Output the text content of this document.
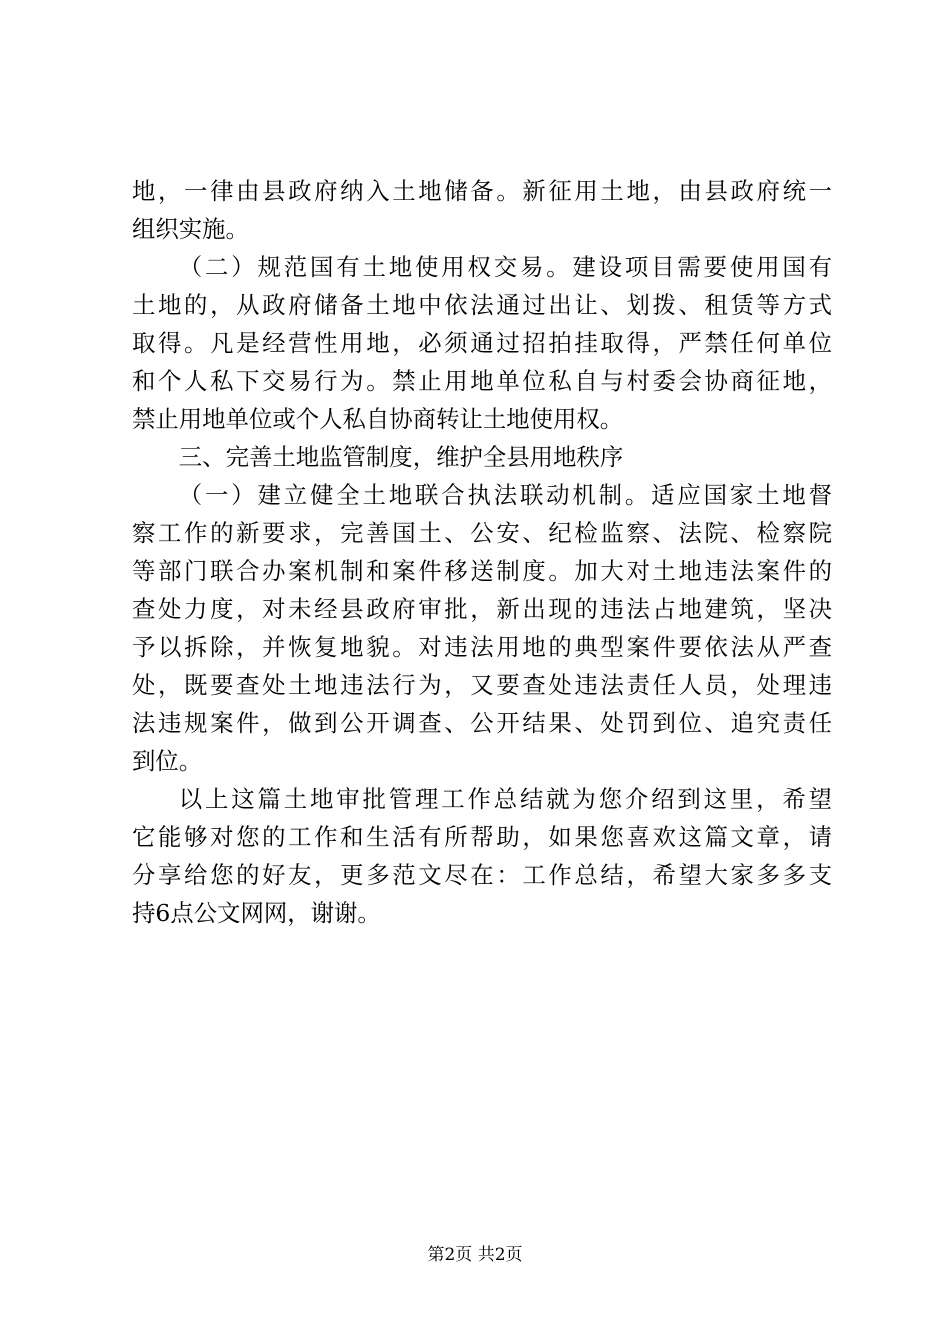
地，一律由县政府纳入土地储备。新征用土地，由县政府统一
组织实施。
（二）规范国有土地使用权交易。建设项目需要使用国有
土地的，从政府储备土地中依法通过出让、划拨、租赁等方式
取得。凡是经营性用地，必须通过招拍挂取得，严禁任何单位
和个人私下交易行为。禁止用地单位私自与村委会协商征地，
禁止用地单位或个人私自协商转让土地使用权。
三、完善土地监管制度，维护全县用地秩序
（一）建立健全土地联合执法联动机制。适应国家土地督
察工作的新要求，完善国土、公安、纪检监察、法院、检察院
等部门联合办案机制和案件移送制度。加大对土地违法案件的
查处力度，对未经县政府审批，新出现的违法占地建筑，坚决
予以拆除，并恢复地貌。对违法用地的典型案件要依法从严查
处，既要查处土地违法行为，又要查处违法责任人员，处理违
法违规案件，做到公开调查、公开结果、处罚到位、追究责任
到位。
以上这篇土地审批管理工作总结就为您介绍到这里，希望
它能够对您的工作和生活有所帮助，如果您喜欢这篇文章，请
分享给您的好友，更多范文尽在：工作总结，希望大家多多支
持6点公文网网，谢谢。
第2页 共2页
